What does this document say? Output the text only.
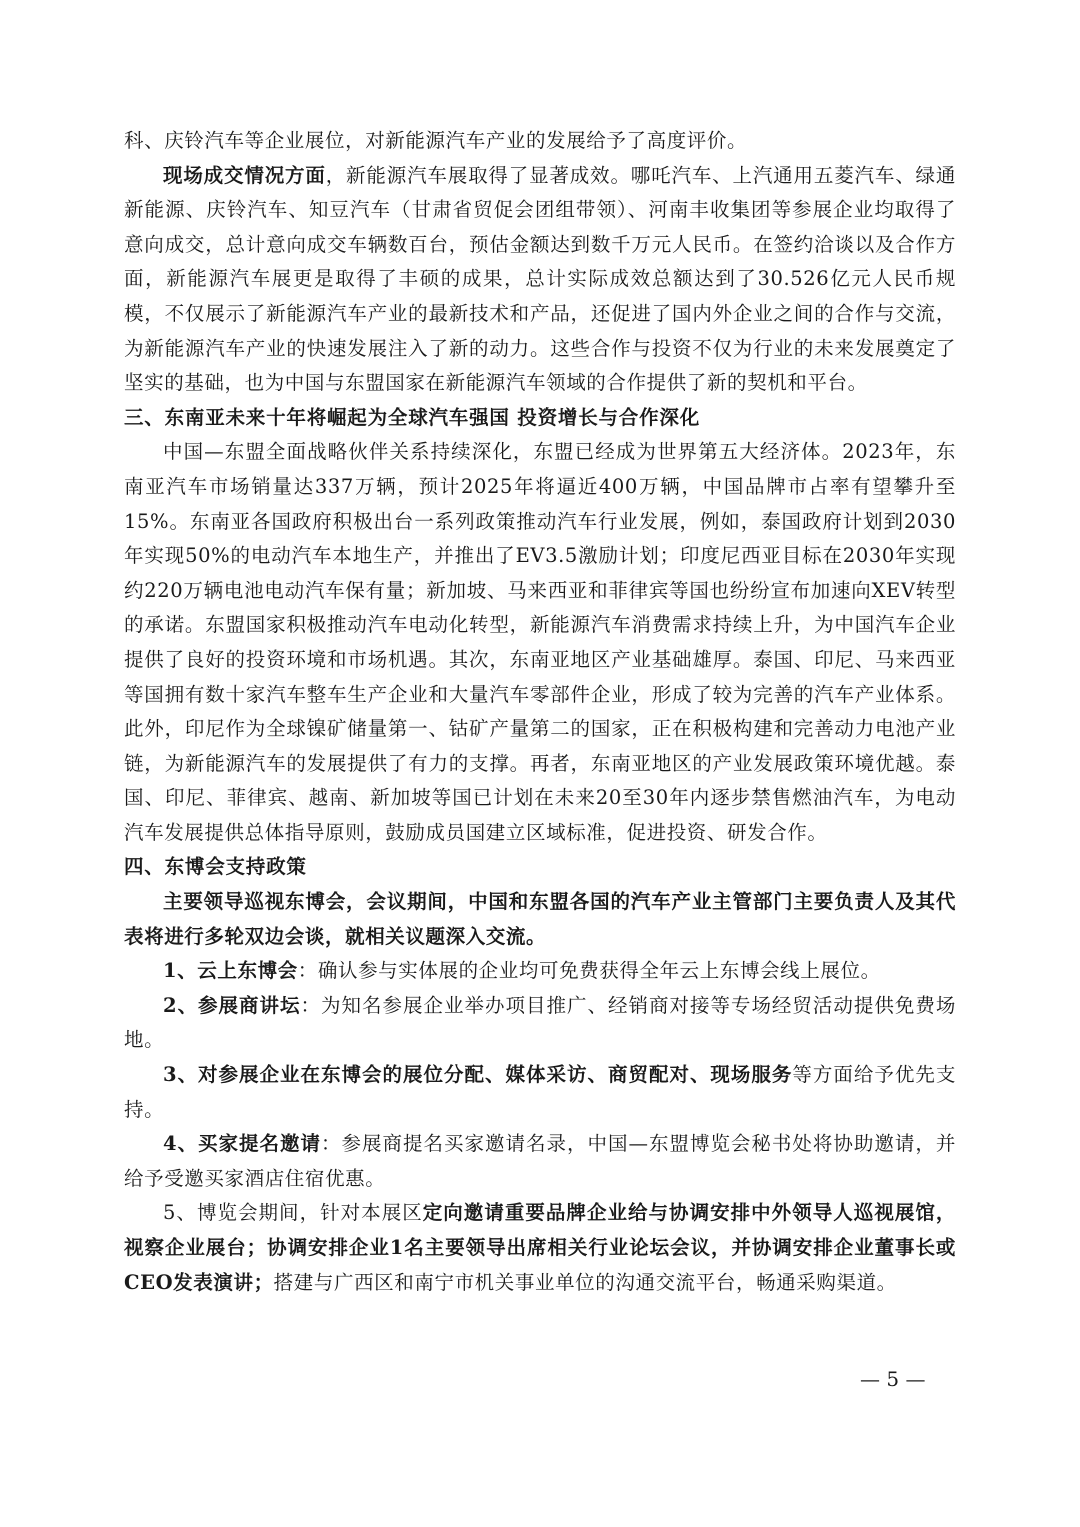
科、庆铃汽车等企业展位，对新能源汽车产业的发展给予了高度评价。

现场成交情况方面，新能源汽车展取得了显著成效。哪吒汽车、上汽通用五菱汽车、绿通新能源、庆铃汽车、知豆汽车（甘肃省贸促会团组带领）、河南丰收集团等参展企业均取得了意向成交，总计意向成交车辆数百台，预估金额达到数千万元人民币。在签约洽谈以及合作方面，新能源汽车展更是取得了丰硕的成果，总计实际成效总额达到了30.526亿元人民币规模，不仅展示了新能源汽车产业的最新技术和产品，还促进了国内外企业之间的合作与交流，为新能源汽车产业的快速发展注入了新的动力。这些合作与投资不仅为行业的未来发展奠定了坚实的基础，也为中国与东盟国家在新能源汽车领域的合作提供了新的契机和平台。

三、东南亚未来十年将崛起为全球汽车强国 投资增长与合作深化

中国—东盟全面战略伙伴关系持续深化，东盟已经成为世界第五大经济体。2023年，东南亚汽车市场销量达337万辆，预计2025年将逼近400万辆，中国品牌市占率有望攀升至15%。东南亚各国政府积极出台一系列政策推动汽车行业发展，例如，泰国政府计划到2030年实现50%的电动汽车本地生产，并推出了EV3.5激励计划；印度尼西亚目标在2030年实现约220万辆电池电动汽车保有量；新加坡、马来西亚和菲律宾等国也纷纷宣布加速向XEV转型的承诺。东盟国家积极推动汽车电动化转型，新能源汽车消费需求持续上升，为中国汽车企业提供了良好的投资环境和市场机遇。其次，东南亚地区产业基础雄厚。泰国、印尼、马来西亚等国拥有数十家汽车整车生产企业和大量汽车零部件企业，形成了较为完善的汽车产业体系。此外，印尼作为全球镍矿储量第一、钴矿产量第二的国家，正在积极构建和完善动力电池产业链，为新能源汽车的发展提供了有力的支撑。再者，东南亚地区的产业发展政策环境优越。泰国、印尼、菲律宾、越南、新加坡等国已计划在未来20至30年内逐步禁售燃油汽车，为电动汽车发展提供总体指导原则，鼓励成员国建立区域标准，促进投资、研发合作。

四、东博会支持政策

主要领导巡视东博会，会议期间，中国和东盟各国的汽车产业主管部门主要负责人及其代表将进行多轮双边会谈，就相关议题深入交流。

1、云上东博会：确认参与实体展的企业均可免费获得全年云上东博会线上展位。

2、参展商讲坛：为知名参展企业举办项目推广、经销商对接等专场经贸活动提供免费场地。

3、对参展企业在东博会的展位分配、媒体采访、商贸配对、现场服务等方面给予优先支持。

4、买家提名邀请：参展商提名买家邀请名录，中国—东盟博览会秘书处将协助邀请，并给予受邀买家酒店住宿优惠。

5、博览会期间，针对本展区定向邀请重要品牌企业给与协调安排中外领导人巡视展馆，视察企业展台；协调安排企业1名主要领导出席相关行业论坛会议，并协调安排企业董事长或CEO发表演讲；搭建与广西区和南宁市机关事业单位的沟通交流平台，畅通采购渠道。

— 5 —
